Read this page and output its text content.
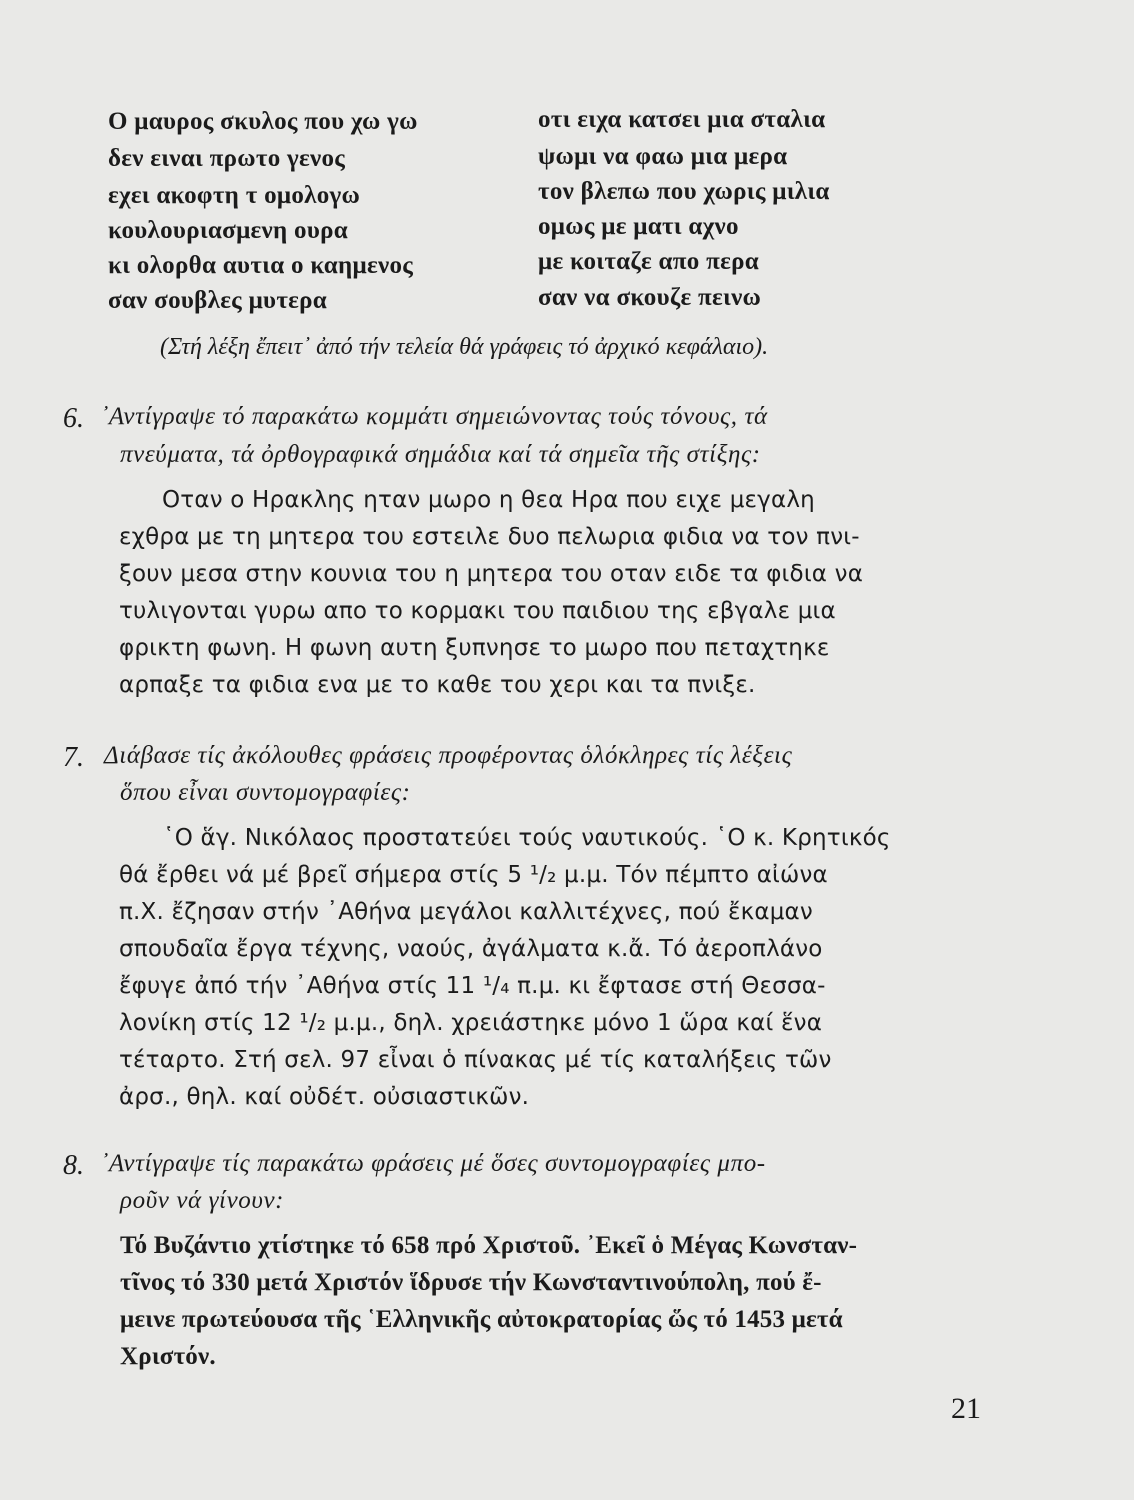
Ο μαυρος σκυλος που χω γω
δεν ειναι πρωτο γενος
εχει ακοφτη τ ομολογω
κουλουριασμενη ουρα
κι ολορθα αυτια ο καημενος
σαν σουβλες μυτερα
οτι ειχα κατσει μια σταλια
ψωμι να φαω μια μερα
τον βλεπω που χωρις μιλια
ομως με ματι αχνο
με κοιταζε απο περα
σαν να σκουζε πεινω
(Στή λέξη ἔπειτ᾽ ἀπό τήν τελεία θά γράφεις τό ἀρχικό κεφάλαιο).
6. ᾽Αντίγραψε τό παρακάτω κομμάτι σημειώνοντας τούς τόνους, τά
πνεύματα, τά ὀρθογραφικά σημάδια καί τά σημεῖα τῆς στίξης:
Οταν ο Ηρακλης ηταν μωρο η θεα Ηρα που ειχε μεγαλη
εχθρα με τη μητερα του εστειλε δυο πελωρια φιδια να τον πνι-
ξουν μεσα στην κουνια του η μητερα του οταν ειδε τα φιδια να
τυλιγονται γυρω απο το κορμακι του παιδιου της εβγαλε μια
φρικτη φωνη. Η φωνη αυτη ξυπνησε το μωρο που πεταχτηκε
αρπαξε τα φιδια ενα με το καθε του χερι και τα πνιξε.
7. Διάβασε τίς ἀκόλουθες φράσεις προφέροντας ὁλόκληρες τίς λέξεις
ὅπου εἶναι συντομογραφίες:
῾Ο ἅγ. Νικόλαος προστατεύει τούς ναυτικούς. ῾Ο κ. Κρητικός
θά ἔρθει νά μέ βρεῖ σήμερα στίς 5 ¹/₂ μ.μ. Τόν πέμπτο αἰώνα
π.Χ. ἔζησαν στήν ᾽Αθήνα μεγάλοι καλλιτέχνες, πού ἔκαμαν
σπουδαῖα ἔργα τέχνης, ναούς, ἀγάλματα κ.ἄ. Τό ἀεροπλάνο
ἔφυγε ἀπό τήν ᾽Αθήνα στίς 11 ¹/₄ π.μ. κι ἔφτασε στή Θεσσα-
λονίκη στίς 12 ¹/₂ μ.μ., δηλ. χρειάστηκε μόνο 1 ὥρα καί ἕνα
τέταρτο. Στή σελ. 97 εἶναι ὁ πίνακας μέ τίς καταλήξεις τῶν
ἀρσ., θηλ. καί οὐδέτ. οὐσιαστικῶν.
8. ᾽Αντίγραψε τίς παρακάτω φράσεις μέ ὅσες συντομογραφίες μπο-
ροῦν νά γίνουν:
Τό Βυζάντιο χτίστηκε τό 658 πρό Χριστοῦ. ᾽Εκεῖ ὁ Μέγας Κωνσταν-
τῖνος τό 330 μετά Χριστόν ἵδρυσε τήν Κωνσταντινούπολη, πού ἔ-
μεινε πρωτεύουσα τῆς ῾Ελληνικῆς αὐτοκρατορίας ὥς τό 1453 μετά
Χριστόν.
21
